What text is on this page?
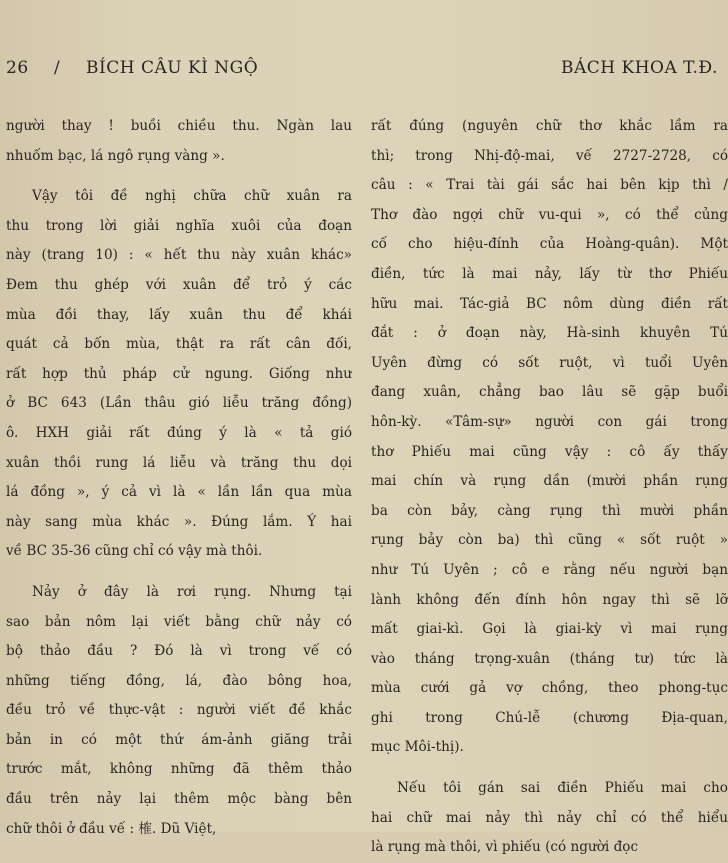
26 / BÍCH CÂU KÌ NGỘ	BÁCH KHOA T.Đ.
người thay ! buồi chiều thu. Ngàn lau
nhuốm bạc, lá ngô rụng vàng ».
Vậy tôi đề nghị chữa chữ xuân ra
thu trong lời giải nghĩa xuôi của đoạn
này (trang 10) : « hết thu này xuân khác»
Đem thu ghép với xuân để trỏ ý các
mùa đồi thay, lấy xuân thu để khái
quát cả bốn mùa, thật ra rất cân đối,
rất hợp thủ pháp cử ngung. Giống như
ở BC 643 (Lần thâu gió liễu trăng đồng)
ô. HXH giải rất đúng ý là « tả gió
xuân thồi rung lá liễu và trăng thu dọi
lá đồng », ý cả vì là « lần lần qua mùa
này sang mùa khác ». Đúng lắm. Ý hai
về BC 35-36 cũng chỉ có vậy mà thôi.
Nảy ở đây là rơi rụng. Nhưng tại
sao bản nôm lại viết bằng chữ nảy có
bộ thảo đầu ? Đó là vì trong vế có
những tiếng đồng, lá, đào bông hoa,
đều trỏ về thực-vật : người viết đề khắc
bản in có một thứ ám-ảnh giăng trải
trước mắt, không những đã thêm thảo
đầu trên nảy lại thêm mộc bàng bên
chữ thôi ở đầu vế : 榷. Dũ Việt,
rất đúng (nguyên chữ thơ khắc lầm ra
thì; trong Nhị-độ-mai, vế 2727-2728, có
câu : « Trai tài gái sắc hai bên kịp thì /
Thơ đào ngợi chữ vu-qui », có thể củng
cố cho hiệu-đính của Hoàng-quân). Một
điền, tức là mai nảy, lấy từ thơ Phiếu
hữu mai. Tác-giả BC nôm dùng điền rất
đắt : ở đoạn này, Hà-sinh khuyên Tú
Uyên đừng có sốt ruột, vì tuổi Uyên
đang xuân, chẳng bao lâu sẽ gặp buổi
hôn-kỳ. «Tâm-sự» người con gái trong
thơ Phiếu mai cũng vậy : cô ấy thấy
mai chín và rụng dần (mười phần rụng
ba còn bảy, càng rụng thì mười phần
rụng bảy còn ba) thì cũng « sốt ruột »
như Tú Uyên ; cô e rằng nếu người bạn
lành không đến đính hôn ngay thì sẽ lỡ
mất giai-kì. Gọi là giai-kỳ vì mai rụng
vào tháng trọng-xuân (tháng tư) tức là
mùa cưới gả vợ chồng, theo phong-tục
ghi trong Chú-lễ (chương Địa-quan,
mục Môi-thị).
Nếu tôi gán sai điền Phiếu mai cho
hai chữ mai nảy thì nảy chỉ có thể hiểu
là rụng mà thôi, vì phiếu (có người đọc
